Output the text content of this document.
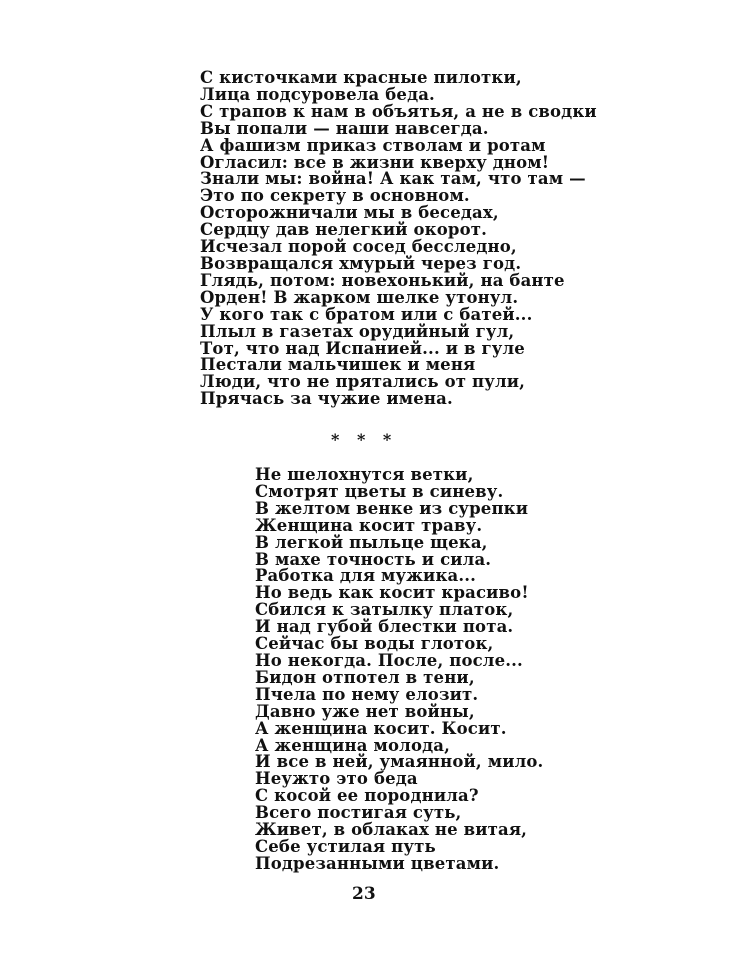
С кисточками красные пилотки,
Лица подсуровела беда.
С трапов к нам в объятья, а не в сводки
Вы попали — наши навсегда.
А фашизм приказ стволам и ротам
Огласил: все в жизни кверху дном!
Знали мы: война! А как там, что там —
Это по секрету в основном.
Осторожничали мы в беседах,
Сердцу дав нелегкий окорот.
Исчезал порой сосед бесследно,
Возвращался хмурый через год.
Глядь, потом: новехонький, на банте
Орден! В жарком шелке утонул.
У кого так с братом или с батей...
Плыл в газетах орудийный гул,
Тот, что над Испанией... и в гуле
Пестали мальчишек и меня
Люди, что не прятались от пули,
Прячась за чужие имена.
* * *
Не шелохнутся ветки,
Смотрят цветы в синеву.
В желтом венке из сурепки
Женщина косит траву.
В легкой пыльце щека,
В махе точность и сила.
Работка для мужика...
Но ведь как косит красиво!
Сбился к затылку платок,
И над губой блестки пота.
Сейчас бы воды глоток,
Но некогда. После, после...
Бидон отпотел в тени,
Пчела по нему елозит.
Давно уже нет войны,
А женщина косит. Косит.
А женщина молода,
И все в ней, умаянной, мило.
Неужто это беда
С косой ее породнила?
Всего постигая суть,
Живет, в облаках не витая,
Себе устилая путь
Подрезанными цветами.
23
